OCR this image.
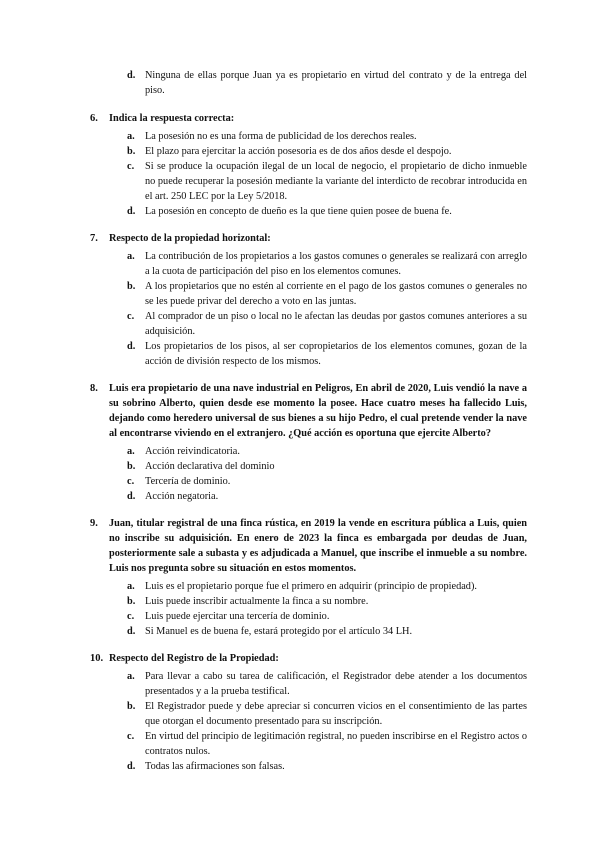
d. Ninguna de ellas porque Juan ya es propietario en virtud del contrato y de la entrega del piso.
6. Indica la respuesta correcta:
a. La posesión no es una forma de publicidad de los derechos reales.
b. El plazo para ejercitar la acción posesoria es de dos años desde el despojo.
c. Si se produce la ocupación ilegal de un local de negocio, el propietario de dicho inmueble no puede recuperar la posesión mediante la variante del interdicto de recobrar introducida en el art. 250 LEC por la Ley 5/2018.
d. La posesión en concepto de dueño es la que tiene quien posee de buena fe.
7. Respecto de la propiedad horizontal:
a. La contribución de los propietarios a los gastos comunes o generales se realizará con arreglo a la cuota de participación del piso en los elementos comunes.
b. A los propietarios que no estén al corriente en el pago de los gastos comunes o generales no se les puede privar del derecho a voto en las juntas.
c. Al comprador de un piso o local no le afectan las deudas por gastos comunes anteriores a su adquisición.
d. Los propietarios de los pisos, al ser copropietarios de los elementos comunes, gozan de la acción de división respecto de los mismos.
8. Luis era propietario de una nave industrial en Peligros, En abril de 2020, Luis vendió la nave a su sobrino Alberto, quien desde ese momento la posee. Hace cuatro meses ha fallecido Luis, dejando como heredero universal de sus bienes a su hijo Pedro, el cual pretende vender la nave al encontrarse viviendo en el extranjero. ¿Qué acción es oportuna que ejercite Alberto?
a. Acción reivindicatoria.
b. Acción declarativa del dominio
c. Tercería de dominio.
d. Acción negatoria.
9. Juan, titular registral de una finca rústica, en 2019 la vende en escritura pública a Luis, quien no inscribe su adquisición. En enero de 2023 la finca es embargada por deudas de Juan, posteriormente sale a subasta y es adjudicada a Manuel, que inscribe el inmueble a su nombre. Luis nos pregunta sobre su situación en estos momentos.
a. Luis es el propietario porque fue el primero en adquirir (principio de propiedad).
b. Luis puede inscribir actualmente la finca a su nombre.
c. Luis puede ejercitar una tercería de dominio.
d. Si Manuel es de buena fe, estará protegido por el artículo 34 LH.
10. Respecto del Registro de la Propiedad:
a. Para llevar a cabo su tarea de calificación, el Registrador debe atender a los documentos presentados y a la prueba testifical.
b. El Registrador puede y debe apreciar si concurren vicios en el consentimiento de las partes que otorgan el documento presentado para su inscripción.
c. En virtud del principio de legitimación registral, no pueden inscribirse en el Registro actos o contratos nulos.
d. Todas las afirmaciones son falsas.
